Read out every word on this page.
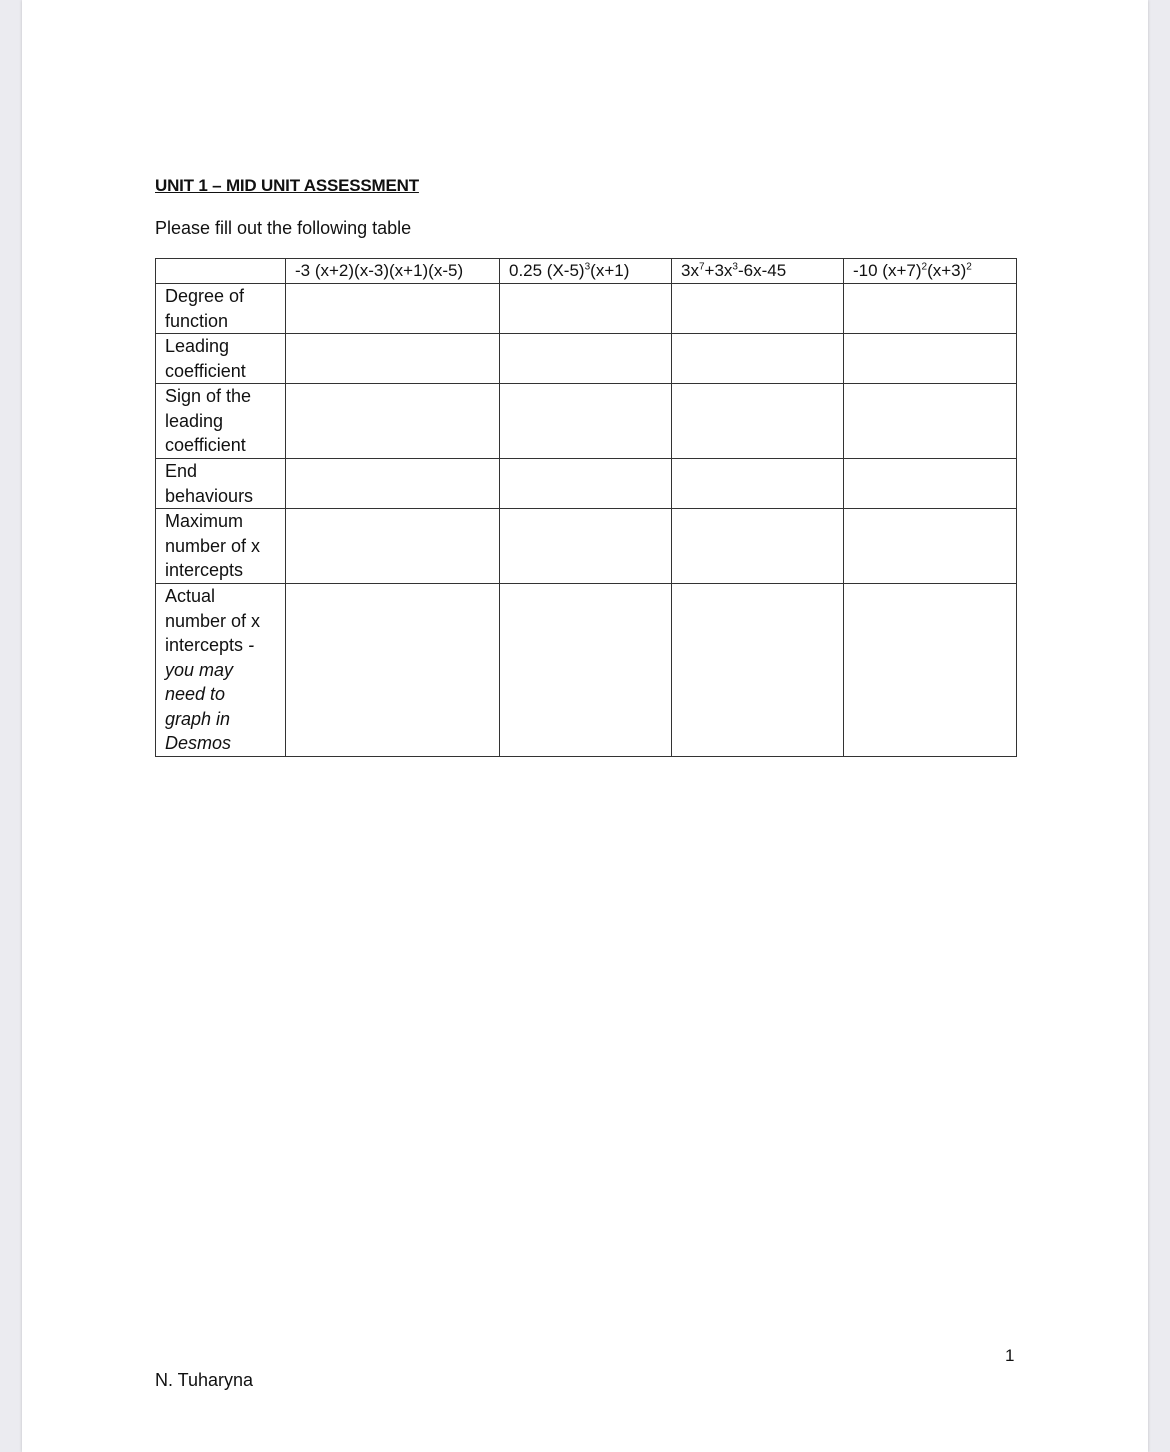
UNIT 1 – MID UNIT ASSESSMENT
Please fill out the following table
	-3 (x+2)(x-3)(x+1)(x-5)	0.25 $(X-5)^3(x+1)$	$3x^7+3x^3-6x-45$	-10 $(x+7)^2(x+3)^2$
Degree of function				
Leading coefficient				
Sign of the leading coefficient				
End behaviours				
Maximum number of x intercepts				
Actual number of x intercepts -you may need to graph in Desmos				
1
N. Tuharyna
